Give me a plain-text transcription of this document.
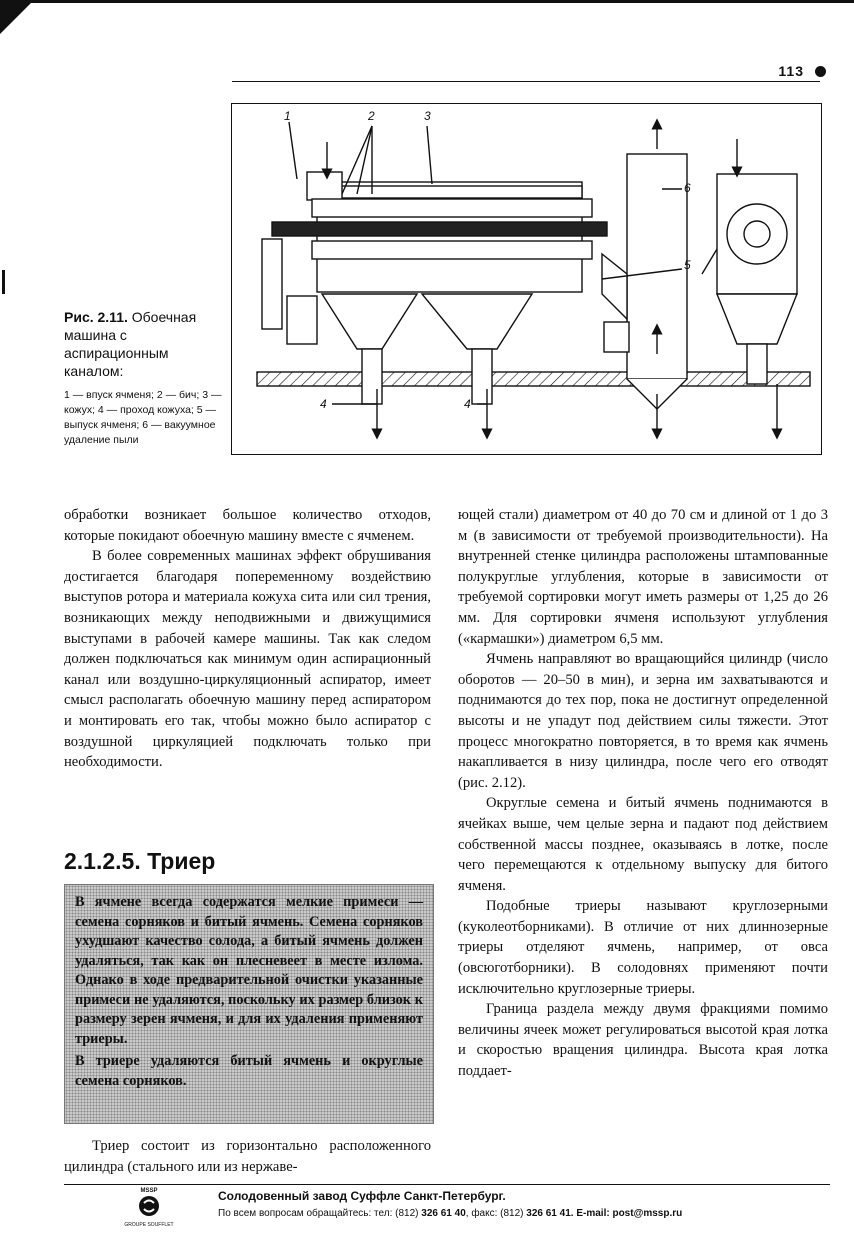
113
Рис. 2.11. Обоечная машина с аспирационным каналом:
1 — впуск ячменя; 2 — бич; 3 — кожух; 4 — проход кожуха; 5 — выпуск ячменя; 6 — вакуумное удаление пыли
1	2	3
4	4
5
6

обработки возникает большое количество отходов, которые покидают обоечную машину вместе с ячменем.

В более современных машинах эффект обрушивания достигается благодаря попеременному воздействию выступов ротора и материала кожуха сита или сил трения, возникающих между неподвижными и движущимися выступами в рабочей камере машины. Так как следом должен подключаться как минимум один аспирационный канал или воздушно-циркуляционный аспиратор, имеет смысл располагать обоечную машину перед аспиратором и монтировать его так, чтобы можно было аспиратор с воздушной циркуляцией подключать только при необходимости.

2.1.2.5. Триер

В ячмене всегда содержатся мелкие примеси — семена сорняков и битый ячмень. Семена сорняков ухудшают качество солода, а битый ячмень должен удаляться, так как он плесневеет в месте излома. Однако в ходе предварительной очистки указанные примеси не удаляются, поскольку их размер близок к размеру зерен ячменя, и для их удаления применяют триеры.

В триере удаляются битый ячмень и округлые семена сорняков.

Триер состоит из горизонтально расположенного цилиндра (стального или из нержаве-

ющей стали) диаметром от 40 до 70 см и длиной от 1 до 3 м (в зависимости от требуемой производительности). На внутренней стенке цилиндра расположены штампованные полукруглые углубления, которые в зависимости от требуемой сортировки могут иметь размеры от 1,25 до 26 мм. Для сортировки ячменя используют углубления («кармашки») диаметром 6,5 мм.

Ячмень направляют во вращающийся цилиндр (число оборотов — 20–50 в мин), и зерна им захватываются и поднимаются до тех пор, пока не достигнут определенной высоты и не упадут под действием силы тяжести. Этот процесс многократно повторяется, в то время как ячмень накапливается в низу цилиндра, после чего его отводят (рис. 2.12).

Округлые семена и битый ячмень поднимаются в ячейках выше, чем целые зерна и падают под действием собственной массы позднее, оказываясь в лотке, после чего перемещаются к отдельному выпуску для битого ячменя.

Подобные триеры называют круглозерными (куколеотборниками). В отличие от них длиннозерные триеры отделяют ячмень, например, от овса (овсюготборники). В солодовнях применяют почти исключительно круглозерные триеры.

Граница раздела между двумя фракциями помимо величины ячеек может регулироваться высотой края лотка и скоростью вращения цилиндра. Высота края лотка поддает-

MSSP
GROUPE SOUFFLET
Солодовенный завод Суффле Санкт-Петербург.
По всем вопросам обращайтесь: тел: (812) 326 61 40, факс: (812) 326 61 41. E-mail: post@mssp.ru
